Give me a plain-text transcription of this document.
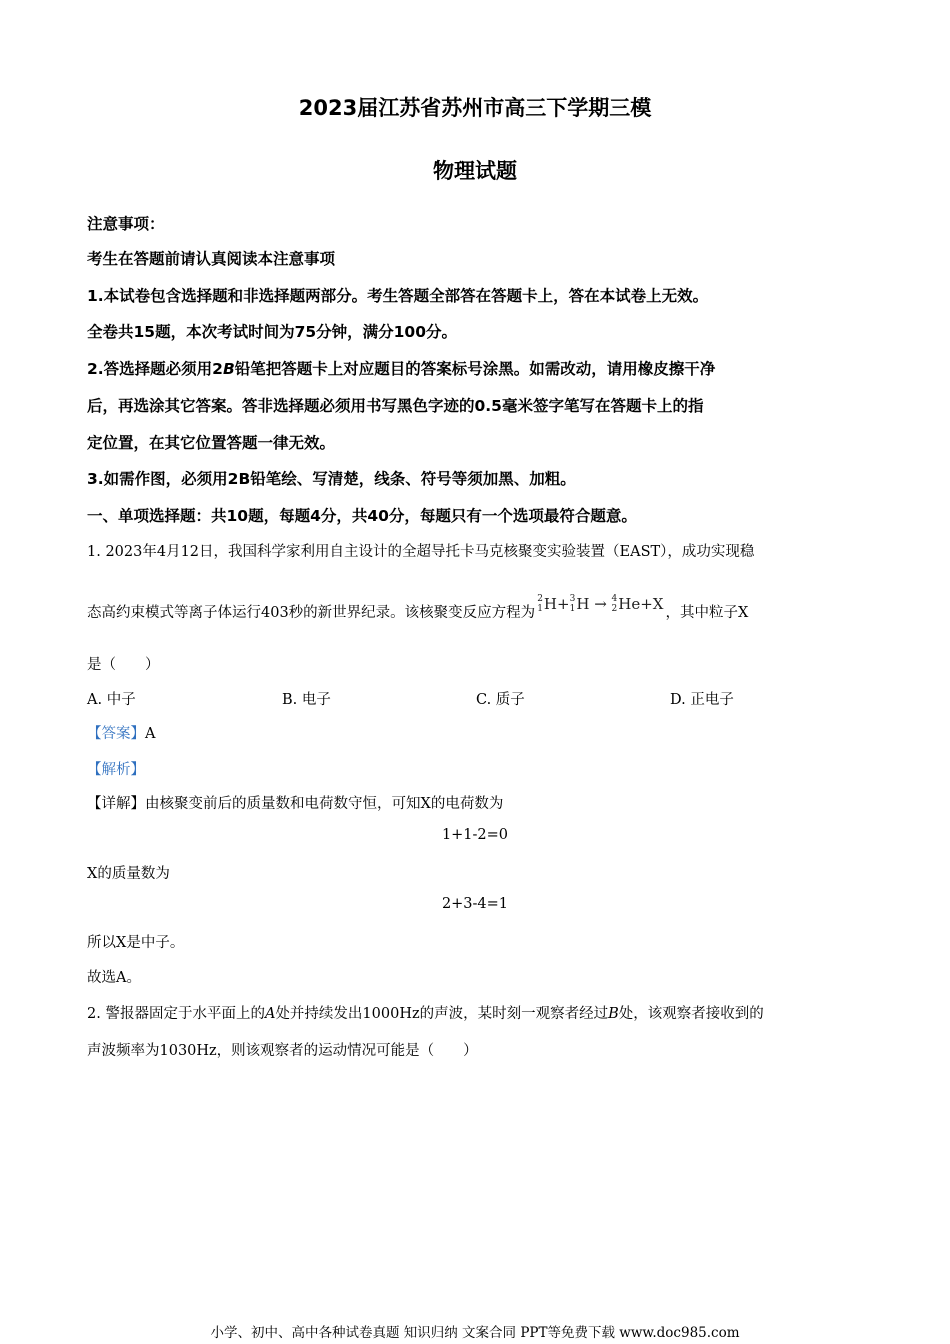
2023届江苏省苏州市高三下学期三模
物理试题
注意事项：
考生在答题前请认真阅读本注意事项
1.本试卷包含选择题和非选择题两部分。考生答题全部答在答题卡上，答在本试卷上无效。
全卷共15题，本次考试时间为75分钟，满分100分。
2.答选择题必须用2B铅笔把答题卡上对应题目的答案标号涂黑。如需改动，请用橡皮擦干净
后，再选涂其它答案。答非选择题必须用书写黑色字迹的0.5毫米签字笔写在答题卡上的指
定位置，在其它位置答题一律无效。
3.如需作图，必须用2B铅笔绘、写清楚，线条、符号等须加黑、加粗。
一、单项选择题：共10题，每题4分，共40分，每题只有一个选项最符合题意。
1. 2023年4月12日，我国科学家利用自主设计的全超导托卡马克核聚变实验装置（EAST），成功实现稳
态高约束模式等离子体运行403秒的新世界纪录。该核聚变反应方程为
2
1 H+ 3
1 H → 4
2 He+X ，其中粒子X
是（　　）
A. 中子	B. 电子	C. 质子	D. 正电子
【答案】A
【解析】
【详解】由核聚变前后的质量数和电荷数守恒，可知X的电荷数为
1+1-2=0
X的质量数为
2+3-4=1
所以X是中子。
故选A。
2. 警报器固定于水平面上的A处并持续发出1000Hz的声波，某时刻一观察者经过B处，该观察者接收到的
声波频率为1030Hz，则该观察者的运动情况可能是（　　）
小学、初中、高中各种试卷真题 知识归纳 文案合同 PPT等免费下载 www.doc985.com
